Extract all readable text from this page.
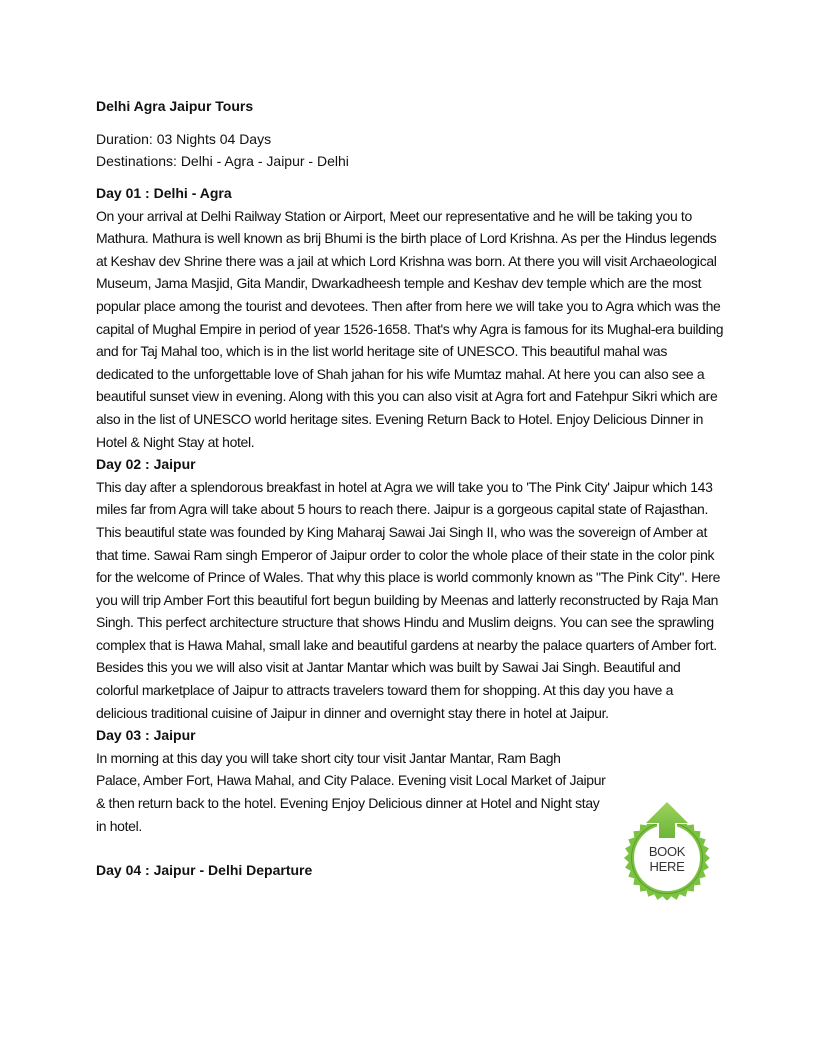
Delhi Agra Jaipur Tours

Duration: 03 Nights 04 Days

Destinations: Delhi - Agra - Jaipur - Delhi

Day 01 : Delhi - Agra

On your arrival at Delhi Railway Station or Airport, Meet our representative and he will be taking you to Mathura. Mathura is well known as brij Bhumi is the birth place of Lord Krishna. As per the Hindus legends at Keshav dev Shrine there was a jail at which Lord Krishna was born. At there you will visit Archaeological Museum, Jama Masjid, Gita Mandir, Dwarkadheesh temple and Keshav dev temple which are the most popular place among the tourist and devotees. Then after from here we will take you to Agra which was the capital of Mughal Empire in period of year 1526-1658. That's why Agra is famous for its Mughal-era building and for Taj Mahal too, which is in the list world heritage site of UNESCO. This beautiful mahal was dedicated to the unforgettable love of Shah jahan for his wife Mumtaz mahal. At here you can also see a beautiful sunset view in evening. Along with this you can also visit at Agra fort and Fatehpur Sikri which are also in the list of UNESCO world heritage sites. Evening Return Back to Hotel. Enjoy Delicious Dinner in Hotel & Night Stay at hotel.

Day 02 : Jaipur

This day after a splendorous breakfast in hotel at Agra we will take you to 'The Pink City' Jaipur which 143 miles far from Agra will take about 5 hours to reach there. Jaipur is a gorgeous capital state of Rajasthan. This beautiful state was founded by King Maharaj Sawai Jai Singh II, who was the sovereign of Amber at that time. Sawai Ram singh Emperor of Jaipur order to color the whole place of their state in the color pink for the welcome of Prince of Wales. That why this place is world commonly known as "The Pink City". Here you will trip Amber Fort this beautiful fort begun building by Meenas and latterly reconstructed by Raja Man Singh. This perfect architecture structure that shows Hindu and Muslim deigns. You can see the sprawling complex that is Hawa Mahal, small lake and beautiful gardens at nearby the palace quarters of Amber fort. Besides this you we will also visit at Jantar Mantar which was built by Sawai Jai Singh. Beautiful and colorful marketplace of Jaipur to attracts travelers toward them for shopping. At this day you have a delicious traditional cuisine of Jaipur in dinner and overnight stay there in hotel at Jaipur.

Day 03 : Jaipur

In morning at this day you will take short city tour visit Jantar Mantar, Ram Bagh Palace, Amber Fort, Hawa Mahal, and City Palace. Evening visit Local Market of Jaipur & then return back to the hotel. Evening Enjoy Delicious dinner at Hotel and Night stay in hotel.

Day 04 : Jaipur - Delhi Departure

BOOK
HERE
